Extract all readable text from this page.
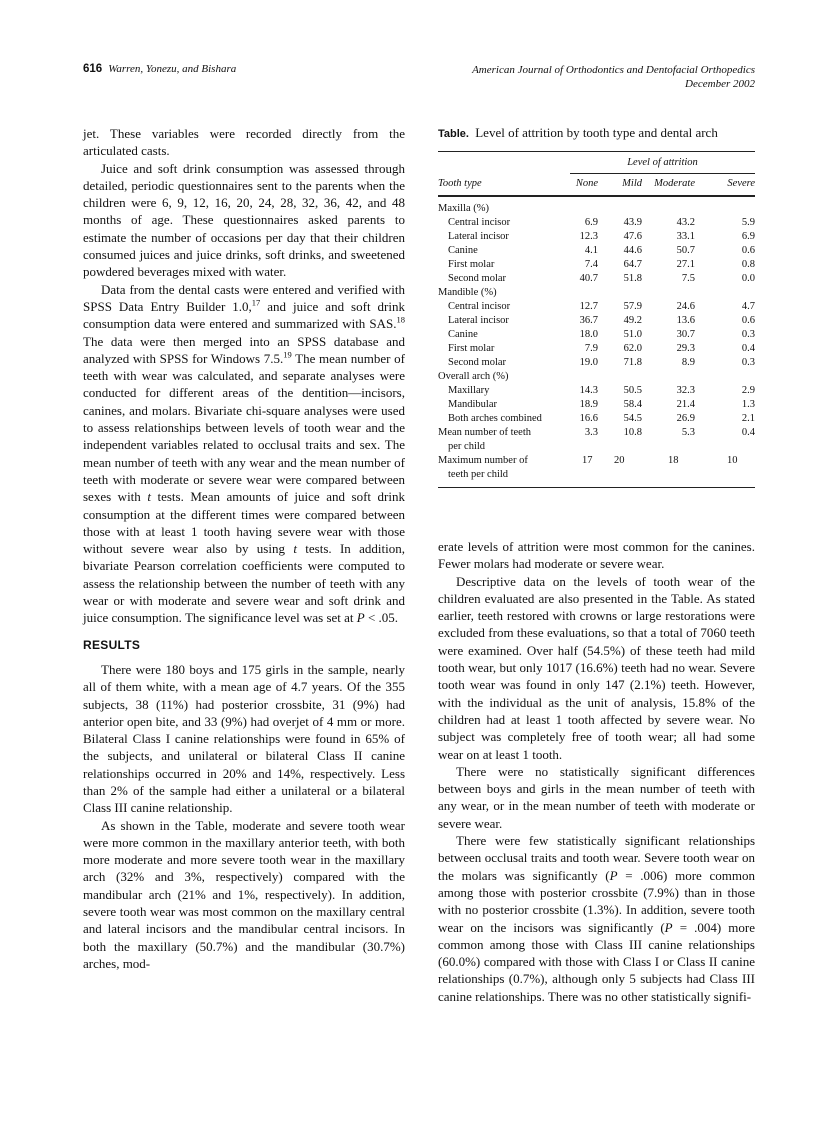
616 Warren, Yonezu, and Bishara	American Journal of Orthodontics and Dentofacial Orthopedics
December 2002

jet. These variables were recorded directly from the articulated casts.

Juice and soft drink consumption was assessed through detailed, periodic questionnaires sent to the parents when the children were 6, 9, 12, 16, 20, 24, 28, 32, 36, 42, and 48 months of age. These questionnaires asked parents to estimate the number of occasions per day that their children consumed juices and juice drinks, soft drinks, and sweetened powdered beverages mixed with water.

Data from the dental casts were entered and verified with SPSS Data Entry Builder 1.0,17 and juice and soft drink consumption data were entered and summarized with SAS.$^{18}$ The data were then merged into an SPSS database and analyzed with SPSS for Windows 7.5.19 The mean number of teeth with wear was calculated, and separate analyses were conducted for different areas of the dentition—incisors, canines, and molars. Bivariate chi-square analyses were used to assess relationships between levels of tooth wear and the independent variables related to occlusal traits and sex. The mean number of teeth with any wear and the mean number of teeth with moderate or severe wear were compared between sexes with t tests. Mean amounts of juice and soft drink consumption at the different times were compared between those with at least 1 tooth having severe wear with those without severe wear also by using t tests. In addition, bivariate Pearson correlation coefficients were computed to assess the relationship between the number of teeth with any wear or with moderate and severe wear and soft drink and juice consumption. The significance level was set at P < .05.

RESULTS

There were 180 boys and 175 girls in the sample, nearly all of them white, with a mean age of 4.7 years. Of the 355 subjects, 38 (11%) had posterior crossbite, 31 (9%) had anterior open bite, and 33 (9%) had overjet of 4 mm or more. Bilateral Class I canine relationships were found in 65% of the subjects, and unilateral or bilateral Class II canine relationships occurred in 20% and 14%, respectively. Less than 2% of the sample had either a unilateral or a bilateral Class III canine relationship.

As shown in the Table, moderate and severe tooth wear were more common in the maxillary anterior teeth, with both more moderate and more severe tooth wear in the maxillary arch (32% and 3%, respectively) compared with the mandibular arch (21% and 1%, respectively). In addition, severe tooth wear was most common on the maxillary central and lateral incisors and the mandibular central incisors. In both the maxillary (50.7%) and the mandibular (30.7%) arches, mod-

Table. Level of attrition by tooth type and dental arch
	Level of attrition			
Tooth type	None	Mild	Moderate	Severe
Maxilla (%)				
Central incisor	6.9	43.9	43.2	5.9
Lateral incisor	12.3	47.6	33.1	6.9
Canine	4.1	44.6	50.7	0.6
First molar	7.4	64.7	27.1	0.8
Second molar	40.7	51.8	7.5	0.0
Mandible (%)				
Central incisor	12.7	57.9	24.6	4.7
Lateral incisor	36.7	49.2	13.6	0.6
Canine	18.0	51.0	30.7	0.3
First molar	7.9	62.0	29.3	0.4
Second molar	19.0	71.8	8.9	0.3
Overall arch (%)				
Maxillary	14.3	50.5	32.3	2.9
Mandibular	18.9	58.4	21.4	1.3
Both arches combined	16.6	54.5	26.9	2.1
Mean number of teeth
per child	3.3	10.8	5.3	0.4
Maximum number of
teeth per child	17	20	18	10

erate levels of attrition were most common for the canines. Fewer molars had moderate or severe wear.

Descriptive data on the levels of tooth wear of the children evaluated are also presented in the Table. As stated earlier, teeth restored with crowns or large restorations were excluded from these evaluations, so that a total of 7060 teeth were examined. Over half (54.5%) of these teeth had mild tooth wear, but only 1017 (16.6%) teeth had no wear. Severe tooth wear was found in only 147 (2.1%) teeth. However, with the individual as the unit of analysis, 15.8% of the children had at least 1 tooth affected by severe wear. No subject was completely free of tooth wear; all had some wear on at least 1 tooth.

There were no statistically significant differences between boys and girls in the mean number of teeth with any wear, or in the mean number of teeth with moderate or severe wear.

There were few statistically significant relationships between occlusal traits and tooth wear. Severe tooth wear on the molars was significantly (P = .006) more common among those with posterior crossbite (7.9%) than in those with no posterior crossbite (1.3%). In addition, severe tooth wear on the incisors was significantly (P = .004) more common among those with Class III canine relationships (60.0%) compared with those with Class I or Class II canine relationships (0.7%), although only 5 subjects had Class III canine relationships. There was no other statistically signifi-
